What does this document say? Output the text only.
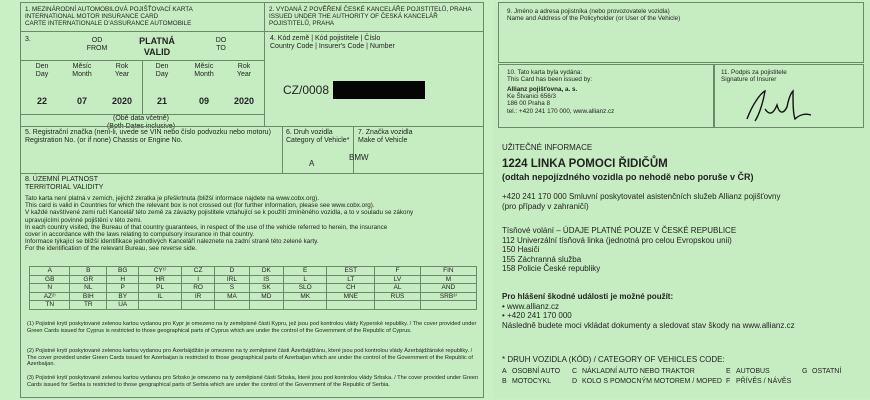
1. MEZINÁRODNÍ AUTOMOBILOVÁ POJIŠŤOVACÍ KARTA
INTERNATIONAL MOTOR INSURANCE CARD
CARTE INTERNATIONALE D'ASSURANCE AUTOMOBILE
2. VYDANÁ Z POVĚŘENÍ ČESKÉ KANCELÁŘE POJISTITELŮ, PRAHA
ISSUED UNDER THE AUTHORITY OF ČESKÁ KANCELÁŘ
POJISTITELŮ, PRAHA
3.	OD
FROM
PLATNÁ
VALID
DO
TO
Den
Day
Měsíc
Month
Rok
Year
Den
Day
Měsíc
Month
Rok
Year
22	07	2020	21	09	2020
(Obě data včetně)
(Both Dates inclusive)
4. Kód země | Kód pojistitele | Číslo
Country Code | Insurer's Code | Number
CZ/0008
5. Registrační značka (není-li, uvede se VIN nebo číslo podvozku nebo motoru)
Registration No. (or if none) Chassis or Engine No.
6. Druh vozidla
Category of Vehicle*
A
7. Značka vozidla
Make of Vehicle
BMW
8. ÚZEMNÍ PLATNOST
TERRITORIAL VALIDITY
Tato karta není platná v zemích, jejichž zkratka je přeškrtnuta (bližší informace najdete na www.cobx.org).
This card is valid in Countries for which the relevant box is not crossed out (for further information, please see www.cobx.org).
V každé navštívené zemi ručí Kancelář této země za závazky pojistitele vztahující se k použití zmíněného vozidla, a to v souladu se zákony
upravujícími povinné pojištění v této zemi.
In each country visited, the Bureau of that country guarantees, in respect of the use of the vehicle referred to herein, the insurance
cover in accordance with the laws relating to compulsory insurance in that country.
Informace týkající se bližší identifikace jednotlivých Kanceláří naleznete na zadní straně této zelené karty.
For the identification of the relevant Bureau, see reverse side.
A	B	BG	CY¹⁾	CZ	D	DK	E	EST	F	FIN
GB	GR	H	HR	I	IRL	IS	L	LT	LV	M
N	NL	P	PL	RO	S	SK	SLO	CH	AL	AND
AZ²⁾	BIH	BY	IL	IR	MA	MD	MK	MNE	RUS	SRB³⁾
TN	TR	UA								
(1) Pojistné krytí poskytované zelenou kartou vydanou pro Kypr je omezeno na ty zeměpisné části Kypru, jež jsou pod kontrolou vlády Kyperské republiky. / The cover provided under Green Cards issued for Cyprus is restricted to those geographical parts of Cyprus which are under the control of the Government of the Republic of Cyprus.
(2) Pojistné krytí poskytované zelenou kartou vydanou pro Ázerbájdžán je omezeno na ty zeměpisné části Ázerbájdžánu, které jsou pod kontrolou vlády Ázerbájdžánské republiky. / The cover provided under Green Cards issued for Azerbaijan is restricted to those geographical parts of Azerbaijan which are under the control of the Government of the Republic of Azerbaijan.
(3) Pojistné krytí poskytované zelenou kartou vydanou pro Srbsko je omezeno na ty zeměpisné části Srbska, které jsou pod kontrolou vlády Srbska. / The cover provided under Green Cards issued for Serbia is restricted to those geographical parts of Serbia which are under the control of the Government of the Republic of Serbia.
9. Jméno a adresa pojistníka (nebo provozovatele vozidla)
Name and Address of the Policyholder (or User of the Vehicle)
10. Tato karta byla vydána:
This Card has been issued by:
Allianz pojišťovna, a. s.
Ke Štvanici 656/3
186 00 Praha 8
tel.: +420 241 170 000, www.allianz.cz
11. Podpis za pojistitele
Signature of Insurer
UŽITEČNÉ INFORMACE
1224 LINKA POMOCI ŘIDIČŮM
(odtah nepojízdného vozidla po nehodě nebo poruše v ČR)
+420 241 170 000 Smluvní poskytovatel asistenčních služeb Allianz pojišťovny
(pro případy v zahraničí)
Tísňové volání – ÚDAJE PLATNÉ POUZE V ČESKÉ REPUBLICE
112 Univerzální tísňová linka (jednotná pro celou Evropskou unii)
150 Hasiči
155 Záchranná služba
158 Policie České republiky
Pro hlášení škodné události je možné použít:
• www.allianz.cz
• +420 241 170 000
Následně budete moci vkládat dokumenty a sledovat stav škody na www.allianz.cz
* DRUH VOZIDLA (KÓD) / CATEGORY OF VEHICLES CODE:
A OSOBNÍ AUTO C NÁKLADNÍ AUTO NEBO TRAKTOR	E AUTOBUS	G OSTATNÍ
B MOTOCYKL	D KOLO S POMOCNÝM MOTOREM / MOPED F PŘÍVĚS / NÁVĚS
